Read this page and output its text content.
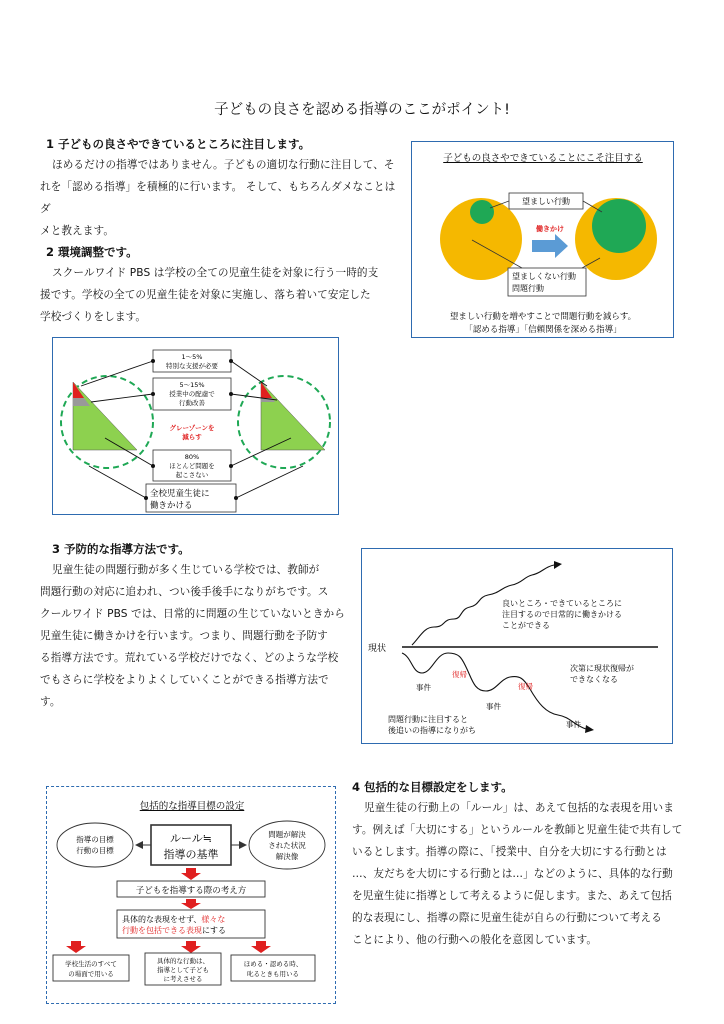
子どもの良さを認める指導のここがポイント!
1 子どもの良さやできているところに注目します。
ほめるだけの指導ではありません。子どもの適切な行動に注目して、そ
れを「認める指導」を積極的に行います。 そして、もちろんダメなことはダ
メと教えます。
2 環境調整です。
スクールワイド PBS は学校の全ての児童生徒を対象に行う一時的支
援です。学校の全ての児童生徒を対象に実施し、落ち着いて安定した
学校づくりをします。
子どもの良さやできていることにこそ注目する
働きかけ
望ましい行動
望ましくない行動
問題行動
望ましい行動を増やすことで問題行動を減らす。
「認める指導」「信頼関係を深める指導」
1〜5%
特別な支援が必要
5〜15%
授業中の配慮で
行動改善
グレーゾーンを
減らす
80%
ほとんど問題を
起こさない
全校児童生徒に
働きかける
3 予防的な指導方法です。
児童生徒の問題行動が多く生じている学校では、教師が
問題行動の対応に追われ、つい後手後手になりがちです。ス
クールワイド PBS では、日常的に問題の生じていないときから
児童生徒に働きかけを行います。つまり、問題行動を予防す
る指導方法です。荒れている学校だけでなく、どのような学校
でもさらに学校をよりよくしていくことができる指導方法です。
良いところ・できているところに
注目するので日常的に働きかける
ことができる
現状
事件
復帰
事件
復帰
事件
次第に現状復帰が
できなくなる
問題行動に注目すると
後追いの指導になりがち
包括的な指導目標の設定
指導の目標
行動の目標
問題が解決
された状況
解決像
ルール≒
指導の基準
子どもを指導する際の考え方
具体的な表現をせず、様々な
行動を包括できる表現にする
学校生活のすべて
の場面で用いる
具体的な行動は、
指導として子ども
に考えさせる
ほめる・認める時、
叱るときも用いる
4 包括的な目標設定をします。
児童生徒の行動上の「ルール」は、あえて包括的な表現を用いま
す。例えば「大切にする」というルールを教師と児童生徒で共有して
いるとします。指導の際に、「授業中、自分を大切にする行動とは
…、友だちを大切にする行動とは…」などのように、具体的な行動
を児童生徒に指導として考えるように促します。また、あえて包括
的な表現にし、指導の際に児童生徒が自らの行動について考える
ことにより、他の行動への般化を意図しています。
